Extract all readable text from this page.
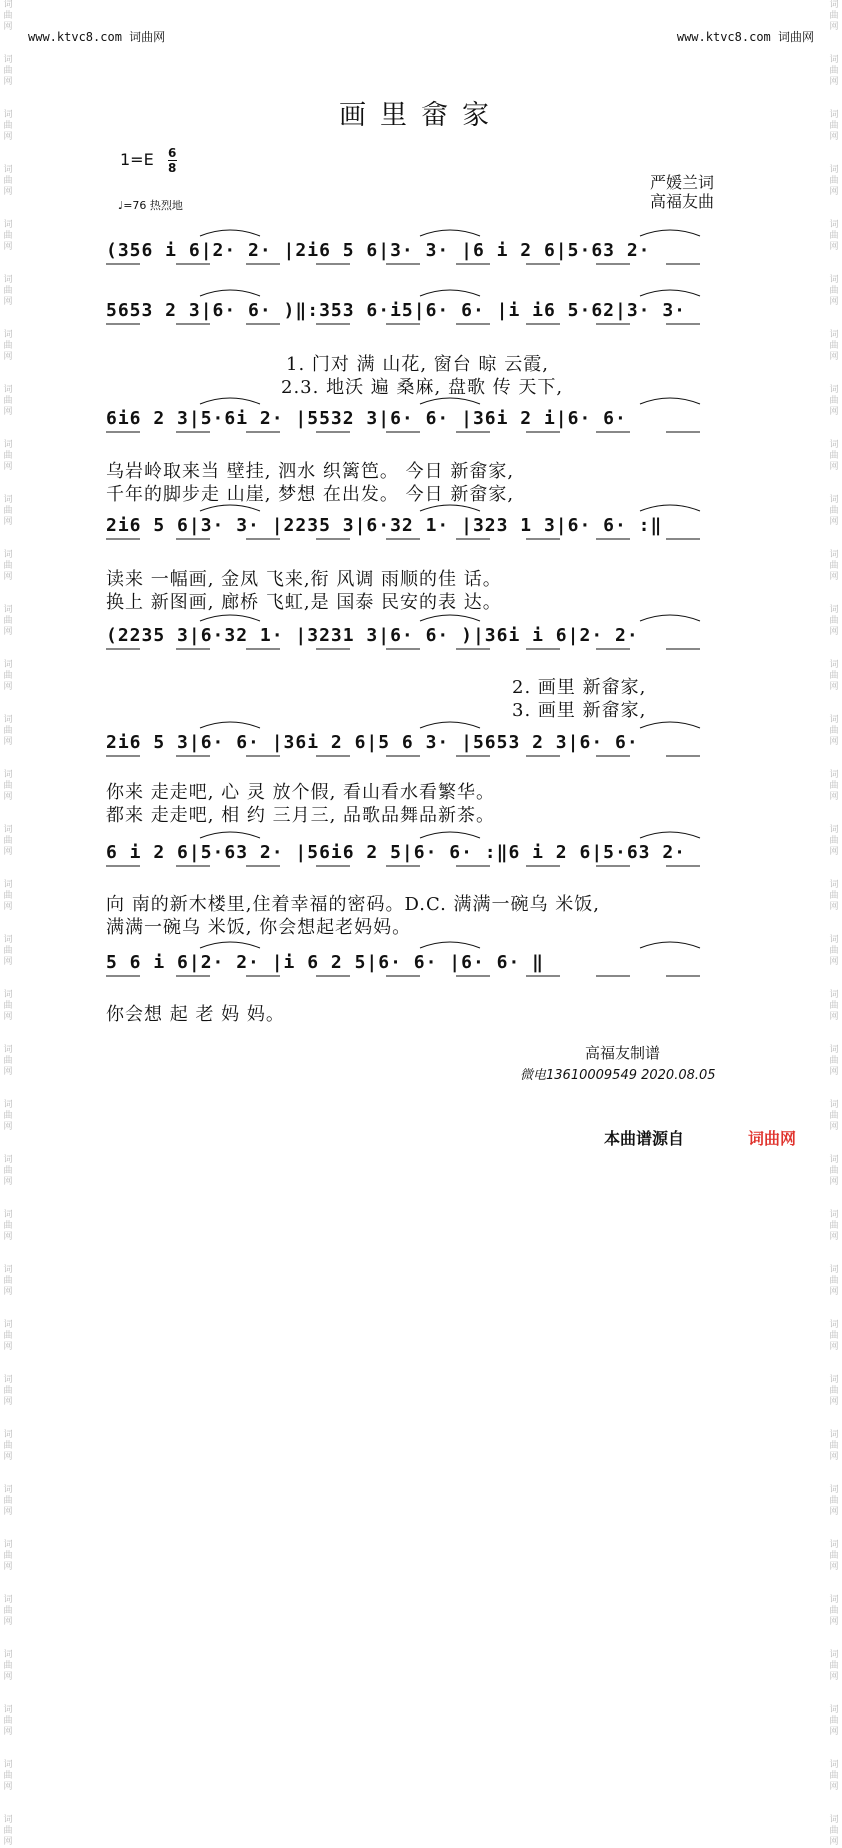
词
曲
网

词
曲
网

词
曲
网

词
曲
网

词
曲
网

词
曲
网

词
曲
网

词
曲
网

词
曲
网

词
曲
网

词
曲
网

词
曲
网

词
曲
网

词
曲
网

词
曲
网

词
曲
网

词
曲
网

词
曲
网

词
曲
网

词
曲
网

词
曲
网

词
曲
网

词
曲
网

词
曲
网

词
曲
网

词
曲
网

词
曲
网

词
曲
网

词
曲
网

词
曲
网

词
曲
网

词
曲
网

词
曲
网

词
曲
网

词
曲
网

词
曲
网

词
曲
网

词
曲
网

词
曲
网

词
曲
网

词
曲
网

词
曲
网

词
曲
网

词
曲
网

词
曲
网

词
曲
网

词
曲
网

词
曲
网

词
曲
网

词
曲
网

词
曲
网

词
曲
网

词
曲
网

词
曲
网

词
曲
网

词
曲
网

词
曲
网

词
曲
网

词
曲
网

词
曲
网

词
曲
网

词
曲
网

词
曲
网

词
曲
网

词
曲
网

词
曲
网

词
曲
网

词
曲
网

www.ktvc8.com 词曲网	www.ktvc8.com 词曲网
画里畲家
1=E 6
8
♩=76 热烈地
严媛兰词
高福友曲
(356 i 6|2· 2· |2i6 5 6|3· 3· |6 i 2 6|5·63 2·
5653 2 3|6· 6· )‖:353 6·i5|6· 6· |i i6 5·62|3· 3·
6i6 2 3|5·6i 2· |5532 3|6· 6· |36i 2 i|6· 6·
2i6 5 6|3· 3· |2235 3|6·32 1· |323 1 3|6· 6· :‖
(2235 3|6·32 1· |3231 3|6· 6· )|36i i 6|2· 2·
2i6 5 3|6· 6· |36i 2 6|5 6 3· |5653 2 3|6· 6·
6 i 2 6|5·63 2· |56i6 2 5|6· 6· :‖6 i 2 6|5·63 2·
5 6 i 6|2· 2· |i 6 2 5|6· 6· |6· 6· ‖
1. 门对 满 山花, 窗台 晾 云霞,
2.3. 地沃 遍 桑麻, 盘歌 传 天下,
乌岩岭取来当 壁挂, 泗水 织篱笆。 今日 新畲家,
千年的脚步走 山崖, 梦想 在出发。 今日 新畲家,
读来 一幅画, 金凤 飞来,衔 风调 雨顺的佳 话。
换上 新图画, 廊桥 飞虹,是 国泰 民安的表 达。
2. 画里 新畲家,
3. 画里 新畲家,
你来 走走吧, 心 灵 放个假, 看山看水看繁华。
都来 走走吧, 相 约 三月三, 品歌品舞品新茶。
向 南的新木楼里,住着幸福的密码。D.C. 满满一碗乌 米饭,
满满一碗乌 米饭, 你会想起老妈妈。
你会想 起 老 妈 妈。
高福友制谱
微电13610009549 2020.08.05
本曲谱源自	词曲网
